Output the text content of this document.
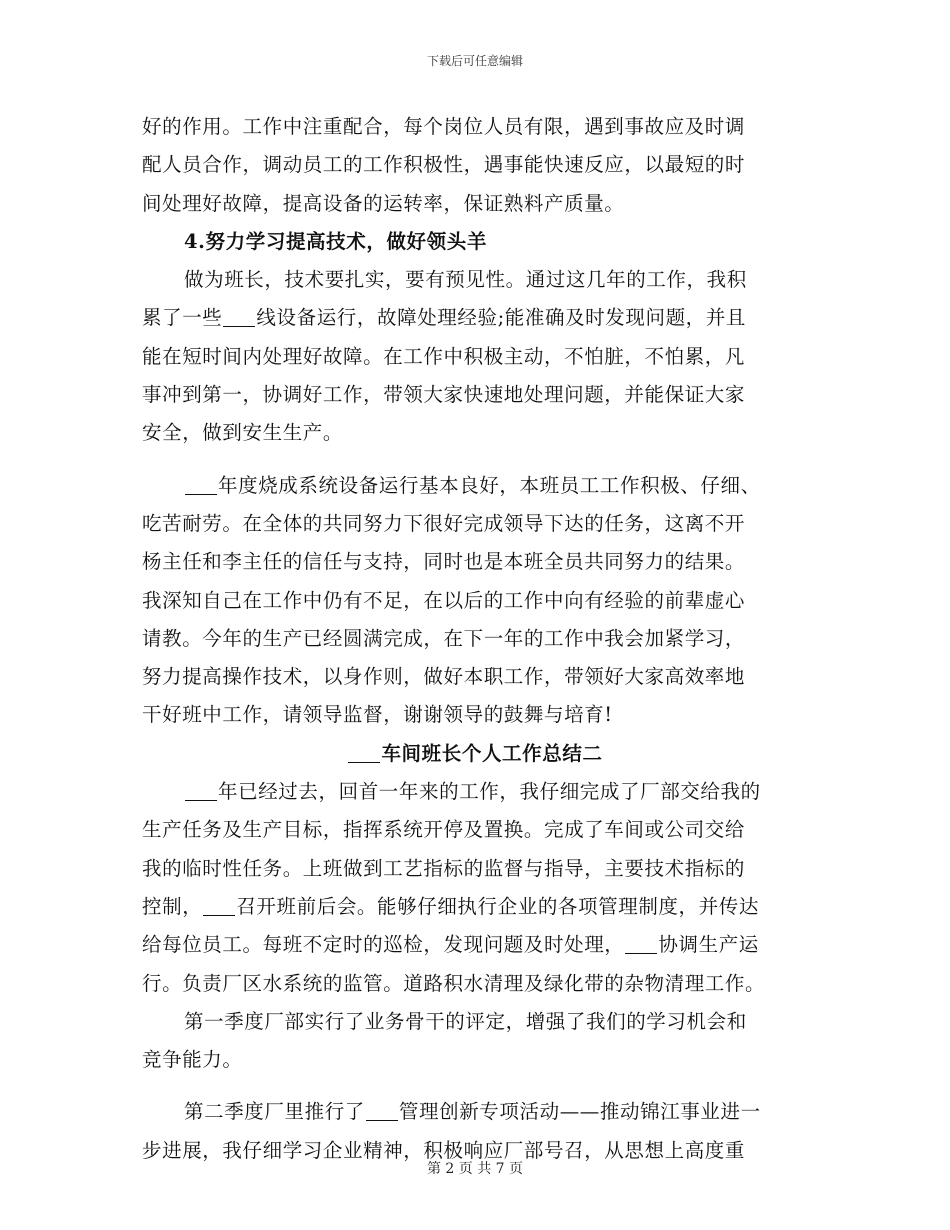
下载后可任意编辑
好的作用。工作中注重配合，每个岗位人员有限，遇到事故应及时调
配人员合作，调动员工的工作积极性，遇事能快速反应，以最短的时
间处理好故障，提高设备的运转率，保证熟料产质量。
4.努力学习提高技术，做好领头羊
做为班长，技术要扎实，要有预见性。通过这几年的工作，我积
累了一些 线设备运行，故障处理经验;能准确及时发现问题，并且
能在短时间内处理好故障。在工作中积极主动，不怕脏，不怕累，凡
事冲到第一，协调好工作，带领大家快速地处理问题，并能保证大家
安全，做到安生生产。
年度烧成系统设备运行基本良好，本班员工工作积极、仔细、
吃苦耐劳。在全体的共同努力下很好完成领导下达的任务，这离不开
杨主任和李主任的信任与支持，同时也是本班全员共同努力的结果。
我深知自己在工作中仍有不足，在以后的工作中向有经验的前辈虚心
请教。今年的生产已经圆满完成，在下一年的工作中我会加紧学习，
努力提高操作技术，以身作则，做好本职工作，带领好大家高效率地
干好班中工作，请领导监督，谢谢领导的鼓舞与培育!
车间班长个人工作总结二
年已经过去，回首一年来的工作，我仔细完成了厂部交给我的
生产任务及生产目标，指挥系统开停及置换。完成了车间或公司交给
我的临时性任务。上班做到工艺指标的监督与指导，主要技术指标的
控制， 召开班前后会。能够仔细执行企业的各项管理制度，并传达
给每位员工。每班不定时的巡检，发现问题及时处理， 协调生产运
行。负责厂区水系统的监管。道路积水清理及绿化带的杂物清理工作。
第一季度厂部实行了业务骨干的评定，增强了我们的学习机会和
竞争能力。
第二季度厂里推行了 管理创新专项活动——推动锦江事业进一
步进展，我仔细学习企业精神，积极响应厂部号召，从思想上高度重
第 2 页 共 7 页
